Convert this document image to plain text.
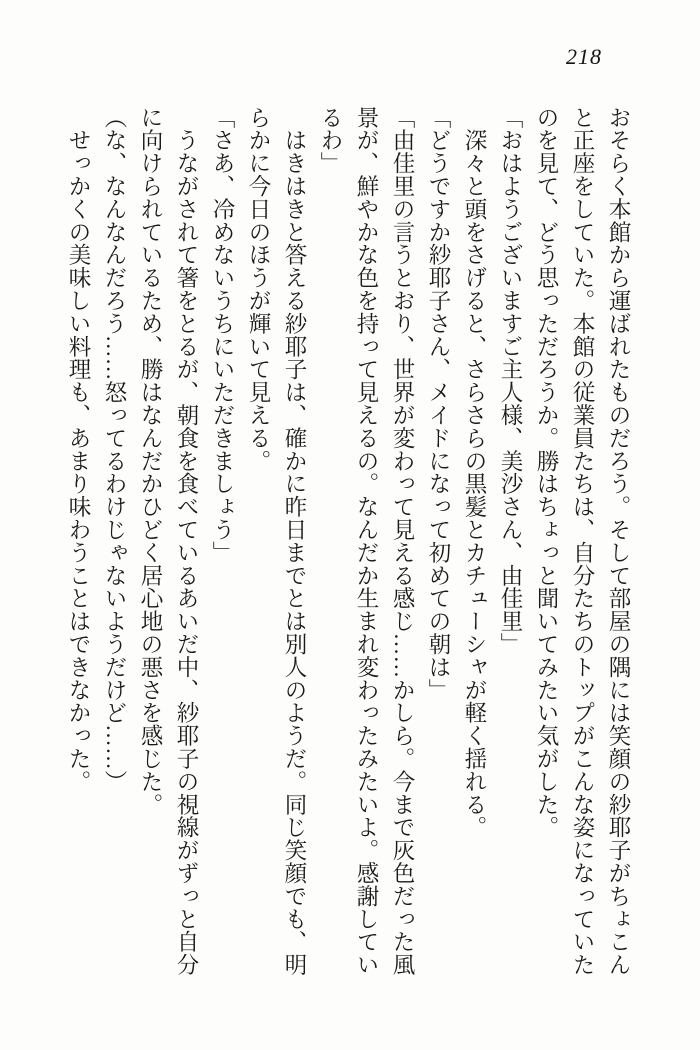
218

おそらく本館から運ばれたものだろう。そして部屋の隅には笑顔の紗耶子がちょこん

と正座をしていた。本館の従業員たちは、自分たちのトップがこんな姿になっていた

のを見て、どう思っただろうか。勝はちょっと聞いてみたい気がした。

「おはようございますご主人様、美沙さん、由佳里」

　深々と頭をさげると、さらさらの黒髪とカチューシャが軽く揺れる。

「どうですか紗耶子さん、メイドになって初めての朝は」

「由佳里の言うとおり、世界が変わって見える感じ……かしら。今まで灰色だった風

景が、鮮やかな色を持って見えるの。なんだか生まれ変わったみたいよ。感謝してい

るわ」

　はきはきと答える紗耶子は、確かに昨日までとは別人のようだ。同じ笑顔でも、明

らかに今日のほうが輝いて見える。

「さあ、冷めないうちにいただきましょう」

　うながされて箸をとるが、朝食を食べているあいだ中、紗耶子の視線がずっと自分

に向けられているため、勝はなんだかひどく居心地の悪さを感じた。

（な、なんなんだろう……怒ってるわけじゃないようだけど……）

　せっかくの美味しい料理も、あまり味わうことはできなかった。
